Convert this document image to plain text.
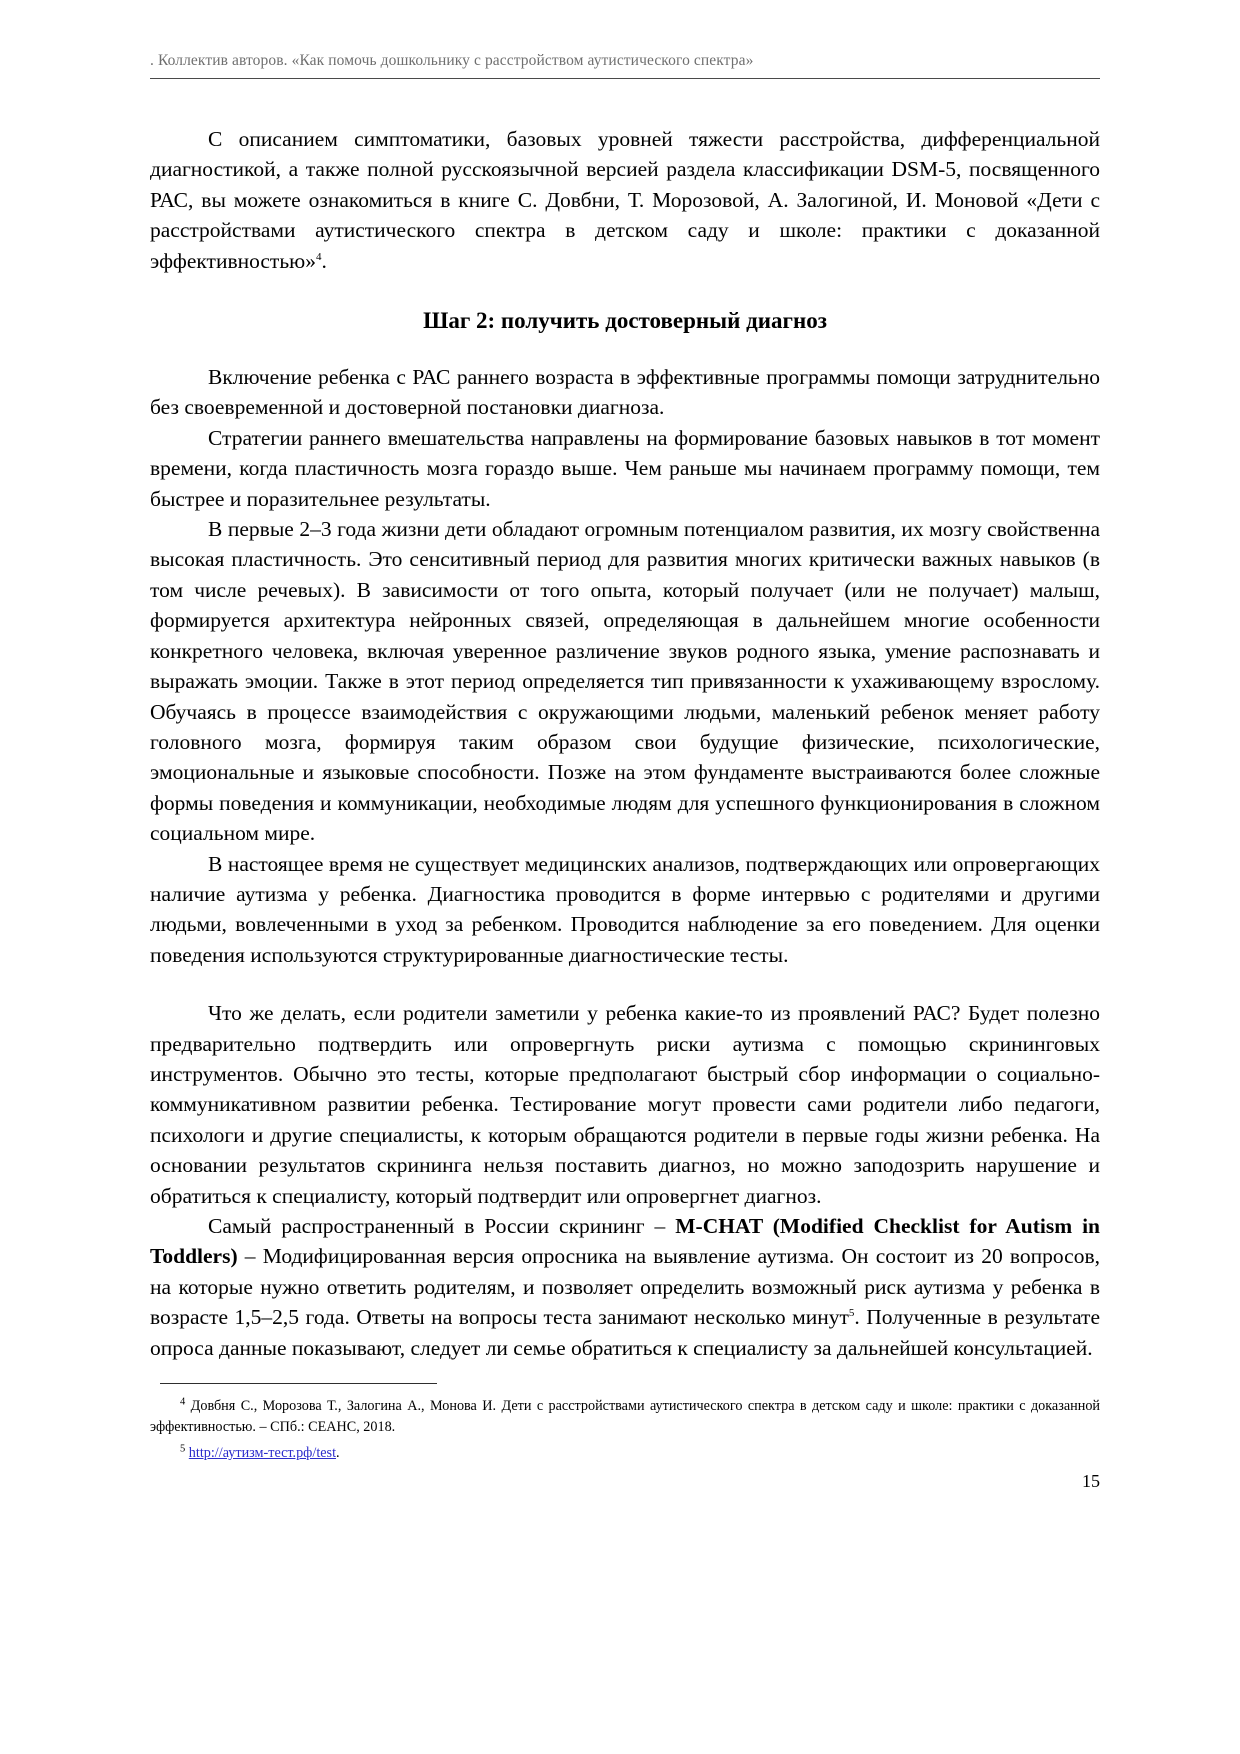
. Коллектив авторов. «Как помочь дошкольнику с расстройством аутистического спектра»

С описанием симптоматики, базовых уровней тяжести расстройства, дифференциальной диагностикой, а также полной русскоязычной версией раздела классификации DSM-5, посвященного РАС, вы можете ознакомиться в книге С. Довбни, Т. Морозовой, А. Залогиной, И. Моновой «Дети с расстройствами аутистического спектра в детском саду и школе: практики с доказанной эффективностью»$^4$.

Шаг 2: получить достоверный диагноз

Включение ребенка с РАС раннего возраста в эффективные программы помощи затруднительно без своевременной и достоверной постановки диагноза.

Стратегии раннего вмешательства направлены на формирование базовых навыков в тот момент времени, когда пластичность мозга гораздо выше. Чем раньше мы начинаем программу помощи, тем быстрее и поразительнее результаты.

В первые 2–3 года жизни дети обладают огромным потенциалом развития, их мозгу свойственна высокая пластичность. Это сенситивный период для развития многих критически важных навыков (в том числе речевых). В зависимости от того опыта, который получает (или не получает) малыш, формируется архитектура нейронных связей, определяющая в дальнейшем многие особенности конкретного человека, включая уверенное различение звуков родного языка, умение распознавать и выражать эмоции. Также в этот период определяется тип привязанности к ухаживающему взрослому. Обучаясь в процессе взаимодействия с окружающими людьми, маленький ребенок меняет работу головного мозга, формируя таким образом свои будущие физические, психологические, эмоциональные и языковые способности. Позже на этом фундаменте выстраиваются более сложные формы поведения и коммуникации, необходимые людям для успешного функционирования в сложном социальном мире.

В настоящее время не существует медицинских анализов, подтверждающих или опровергающих наличие аутизма у ребенка. Диагностика проводится в форме интервью с родителями и другими людьми, вовлеченными в уход за ребенком. Проводится наблюдение за его поведением. Для оценки поведения используются структурированные диагностические тесты.

Что же делать, если родители заметили у ребенка какие-то из проявлений РАС? Будет полезно предварительно подтвердить или опровергнуть риски аутизма с помощью скрининговых инструментов. Обычно это тесты, которые предполагают быстрый сбор информации о социально-коммуникативном развитии ребенка. Тестирование могут провести сами родители либо педагоги, психологи и другие специалисты, к которым обращаются родители в первые годы жизни ребенка. На основании результатов скрининга нельзя поставить диагноз, но можно заподозрить нарушение и обратиться к специалисту, который подтвердит или опровергнет диагноз.

Самый распространенный в России скрининг – M-CHAT (Modified Checklist for Autism in Toddlers) – Модифицированная версия опросника на выявление аутизма. Он состоит из 20 вопросов, на которые нужно ответить родителям, и позволяет определить возможный риск аутизма у ребенка в возрасте 1,5–2,5 года. Ответы на вопросы теста занимают несколько минут$^5$. Полученные в результате опроса данные показывают, следует ли семье обратиться к специалисту за дальнейшей консультацией.

$^4$ Довбня С., Морозова Т., Залогина А., Монова И. Дети с расстройствами аутистического спектра в детском саду и школе: практики с доказанной эффективностью. – СПб.: СЕАНС, 2018.

$^5$ http://аутизм-тест.рф/test.

15
